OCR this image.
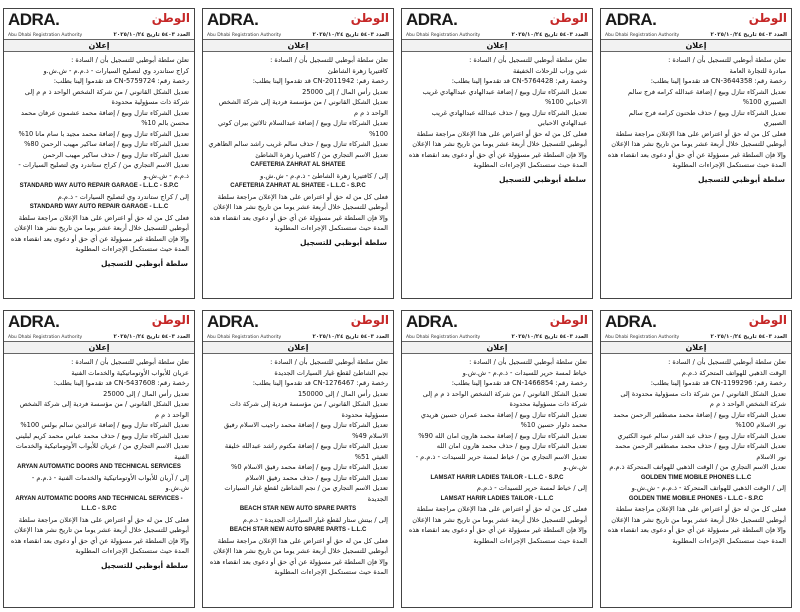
ADRA.	الوطن
Abu Dhabi Registration Authority	العدد ٥٤٠٣ تاريخ ٢٠٢٥/١٠/٢٤
إعلان

تعلن سلطة أبوظبي للتسجيل بأن / السادة :

مبادرة للتجارة العامة

رخصة رقم: CN-3644358 قد تقدموا إلينا بطلب:

تعديل الشركاء تنازل وبيع / إضافة عبدالله كرامه فرج سالم الصبيري 100%

تعديل الشركاء تنازل وبيع / حذف طحنون كرامه فرج سالم الصبيري

فعلى كل من له حق أو اعتراض على هذا الإعلان مراجعة سلطة أبوظبي للتسجيل خلال أربعة عشر يوما من تاريخ نشر هذا الإعلان وإلا فإن السلطة غير مسؤولة عن أي حق أو دعوى بعد انقضاء هذه المدة حيث ستستكمل الإجراءات المطلوبة

سلطة أبوظبي للتسجيل
ADRA.	الوطن
Abu Dhabi Registration Authority	العدد ٥٤٠٣ تاريخ ٢٠٢٥/١٠/٢٤
إعلان

تعلن سلطة أبوظبي للتسجيل بأن / السادة :

شي وزاب للرحلات الخفيفة

وخصة رقم: CN-5764428 قد تقدموا إلينا بطلب:

تعديل الشركاء تنازل وبيع / إضافة عبدالهادي عبدالهادي غريب الاحبابي 100%

تعديل الشركاء تنازل وبيع / حذف عبدالله عبدالهادي غريب عبدالهادي الاحبابي

فعلى كل من له حق أو اعتراض على هذا الإعلان مراجعة سلطة أبوظبي للتسجيل خلال أربعة عشر يوما من تاريخ نشر هذا الإعلان وإلا فإن السلطة غير مسؤولة عن أي حق أو دعوى بعد انقضاء هذه المدة حيث ستستكمل الإجراءات المطلوبة

سلطة أبوظبي للتسجيل
ADRA.	الوطن
Abu Dhabi Registration Authority	العدد ٥٤٠٣ تاريخ ٢٠٢٥/١٠/٢٤
إعلان

تعلن سلطة أبوظبي للتسجيل بأن / السادة :

كافتيريا زهرة الشاطئ

رخصة رقم: CN-2011942 قد تقدموا إلينا بطلب:

تعديل رأس المال / إلى 25000

تعديل الشكل القانوني / من مؤسسة فردية إلى شركة الشخص الواحد ذ م م

تعديل الشركاء تنازل وبيع / إضافة عبدالسلام ثالاثين بيران كوتي 100%

تعديل الشركاء تنازل وبيع / حذف سالم غريب راشد سالم الظاهري

تعديل الاسم التجاري من / كافتيريا زهرة الشاطئ

CAFETERIA ZAHRAT AL SHATEE

إلى / كافتيريا زهرة الشاطئ - ذ.م.م - ش.ش.و

CAFETERIA ZAHRAT AL SHATEE - L.L.C - S.P.C

فعلى كل من له حق أو اعتراض على هذا الإعلان مراجعة سلطة أبوظبي للتسجيل خلال أربعة عشر يوما من تاريخ نشر هذا الإعلان وإلا فإن السلطة غير مسؤولة عن أي حق أو دعوى بعد انقضاء هذه المدة حيث ستستكمل الإجراءات المطلوبة

سلطة أبوظبي للتسجيل
ADRA.	الوطن
Abu Dhabi Registration Authority	العدد ٥٤٠٣ تاريخ ٢٠٢٥/١٠/٢٤
إعلان

تعلن سلطة أبوظبي للتسجيل بأن / السادة :

كراج ستاندرد وي لتصليح السيارات - ذ.م.م - ش.ش.و

رخصة رقم: CN-5759724 قد تقدموا إلينا بطلب:

تعديل الشكل القانوني / من شركة الشخص الواحد ذ م م إلى شركة ذات مسؤولية محدودة

تعديل الشركاء تنازل وبيع / إضافة محمد عشمون عرفان محمد محسن بالم 10%

تعديل الشركاء تنازل وبيع / إضافة محمد مجيد با سام مانا 10%

تعديل الشركاء تنازل وبيع / إضافة ساكير مهيب الرحمن 80%

تعديل الشركاء تنازل وبيع / حذف ساكير مهيب الرحمن

تعديل الاسم التجاري من / كراج ستاندرد وي لتصليح السيارات - ذ.م.م - ش.ش.و

STANDARD WAY AUTO REPAIR GARAGE - L.L.C - S.P.C

إلى / كراج ستاندرد وي لتصليح السيارات - ذ.م.م

STANDARD WAY AUTO REPAIR GARAGE - L.L.C

فعلى كل من له حق أو اعتراض على هذا الإعلان مراجعة سلطة أبوظبي للتسجيل خلال أربعة عشر يوما من تاريخ نشر هذا الإعلان وإلا فإن السلطة غير مسؤولة عن أي حق أو دعوى بعد انقضاء هذه المدة حيث ستستكمل الإجراءات المطلوبة

سلطة أبوظبي للتسجيل
ADRA.	الوطن
Abu Dhabi Registration Authority	العدد ٥٤٠٣ تاريخ ٢٠٢٥/١٠/٢٤
إعلان

تعلن سلطة أبوظبي للتسجيل بأن / السادة :

الوقت الذهبي للهواتف المتحركة ذ.م.م

رخصة رقم: CN-1199296 قد تقدموا إلينا بطلب:

تعديل الشكل القانوني / من شركة ذات مسؤولية محدودة إلى شركة الشخص الواحد ذ م م

تعديل الشركاء تنازل وبيع / إضافة محمد مصطفير الرحمن محمد نور الاسلام 100%

تعديل الشركاء تنازل وبيع / حذف عبد القدر سالم عبود الكثيري

تعديل الشركاء تنازل وبيع / حذف محمد مصطفير الرحمن محمد نور الاسلام

تعديل الاسم التجاري من / الوقت الذهبي للهواتف المتحركة ذ.م.م

GOLDEN TIME MOBILE PHONES L.L.C

إلى / الوقت الذهبي للهواتف المتحركة - ذ.م.م - ش.ش.و

GOLDEN TIME MOBILE PHONES - L.L.C - S.P.C

فعلى كل من له حق أو اعتراض على هذا الإعلان مراجعة سلطة أبوظبي للتسجيل خلال أربعة عشر يوما من تاريخ نشر هذا الإعلان وإلا فإن السلطة غير مسؤولة عن أي حق أو دعوى بعد انقضاء هذه المدة حيث ستستكمل الإجراءات المطلوبة

ADRA.	الوطن
Abu Dhabi Registration Authority	العدد ٥٤٠٣ تاريخ ٢٠٢٥/١٠/٢٤
إعلان

تعلن سلطة أبوظبي للتسجيل بأن / السادة :

خياط لمسة حرير للسيدات - ذ.م.م - ش.ش.و

رخصة رقم: CN-1466854 قد تقدموا إلينا بطلب:

تعديل الشكل القانوني / من شركة الشخص الواحد ذ م م إلى شركة ذات مسؤولية محدودة

تعديل الشركاء تنازل وبيع / إضافة محمد عمران حسين هريدي محمد دلوار حسين 10%

تعديل الشركاء تنازل وبيع / إضافة محمد هارون امان الله 90%

تعديل الشركاء تنازل وبيع / حذف محمد هارون امان الله

تعديل الاسم التجاري من / خياط لمسة حرير للسيدات - ذ.م.م - ش.ش.و

LAMSAT HARIR LADIES TAILOR - L.L.C - S.P.C

إلى / خياط لمسة حرير للسيدات - ذ.م.م

LAMSAT HARIR LADIES TAILOR - L.L.C

فعلى كل من له حق أو اعتراض على هذا الإعلان مراجعة سلطة أبوظبي للتسجيل خلال أربعة عشر يوما من تاريخ نشر هذا الإعلان وإلا فإن السلطة غير مسؤولة عن أي حق أو دعوى بعد انقضاء هذه المدة حيث ستستكمل الإجراءات المطلوبة

ADRA.	الوطن
Abu Dhabi Registration Authority	العدد ٥٤٠٣ تاريخ ٢٠٢٥/١٠/٢٤
إعلان

تعلن سلطة أبوظبي للتسجيل بأن / السادة :

نجم الشاطئ لقطع غيار السيارات الجديدة

رخصة رقم: CN-1276467 قد تقدموا إلينا بطلب:

تعديل رأس المال / إلى 150000

تعديل الشكل القانوني / من مؤسسة فردية إلى شركة ذات مسؤولية محدودة

تعديل الشركاء تنازل وبيع / إضافة محمد راجيب الاسلام رفيق الاسلام 49%

تعديل الشركاء تنازل وبيع / إضافة مكتوم راشد عبدالله خليفة الغيثي 51%

تعديل الشركاء تنازل وبيع / إضافة محمد رفيق الاسلام 0%

تعديل الشركاء تنازل وبيع / حذف محمد رفيق الاسلام

تعديل الاسم التجاري من / نجم الشاطئ لقطع غيار السيارات الجديدة

BEACH STAR NEW AUTO SPARE PARTS

إلى / بيتش ستار لقطع غيار السيارات الجديدة - ذ.م.م

BEACH STAR NEW AUTO SPARE PARTS - L.L.C

فعلى كل من له حق أو اعتراض على هذا الإعلان مراجعة سلطة أبوظبي للتسجيل خلال أربعة عشر يوما من تاريخ نشر هذا الإعلان وإلا فإن السلطة غير مسؤولة عن أي حق أو دعوى بعد انقضاء هذه المدة حيث ستستكمل الإجراءات المطلوبة

ADRA.	الوطن
Abu Dhabi Registration Authority	العدد ٥٤٠٣ تاريخ ٢٠٢٥/١٠/٢٤
إعلان

تعلن سلطة أبوظبي للتسجيل بأن / السادة :

عريان للأبواب الأوتوماتيكية والخدمات الفنية

رخصة رقم: CN-5437608 قد تقدموا إلينا بطلب:

تعديل رأس المال / إلى 25000

تعديل الشكل القانوني / من مؤسسة فردية إلى شركة الشخص الواحد ذ م م

تعديل الشركاء تنازل وبيع / إضافة عزالدين سالم بولس 100%

تعديل الشركاء تنازل وبيع / حذف محمد عباس محمد كريم لبليني

تعديل الاسم التجاري من / عريان للأبواب الأوتوماتيكية والخدمات الفنية

ARYAN AUTOMATIC DOORS AND TECHNICAL SERVICES

إلى / آريان للأبواب الأوتوماتيكية والخدمات الفنية - ذ.م.م - ش.ش.و

ARYAN AUTOMATIC DOORS AND TECHNICAL SERVICES - L.L.C - S.P.C

فعلى كل من له حق أو اعتراض على هذا الإعلان مراجعة سلطة أبوظبي للتسجيل خلال أربعة عشر يوما من تاريخ نشر هذا الإعلان وإلا فإن السلطة غير مسؤولة عن أي حق أو دعوى بعد انقضاء هذه المدة حيث ستستكمل الإجراءات المطلوبة

سلطة أبوظبي للتسجيل
